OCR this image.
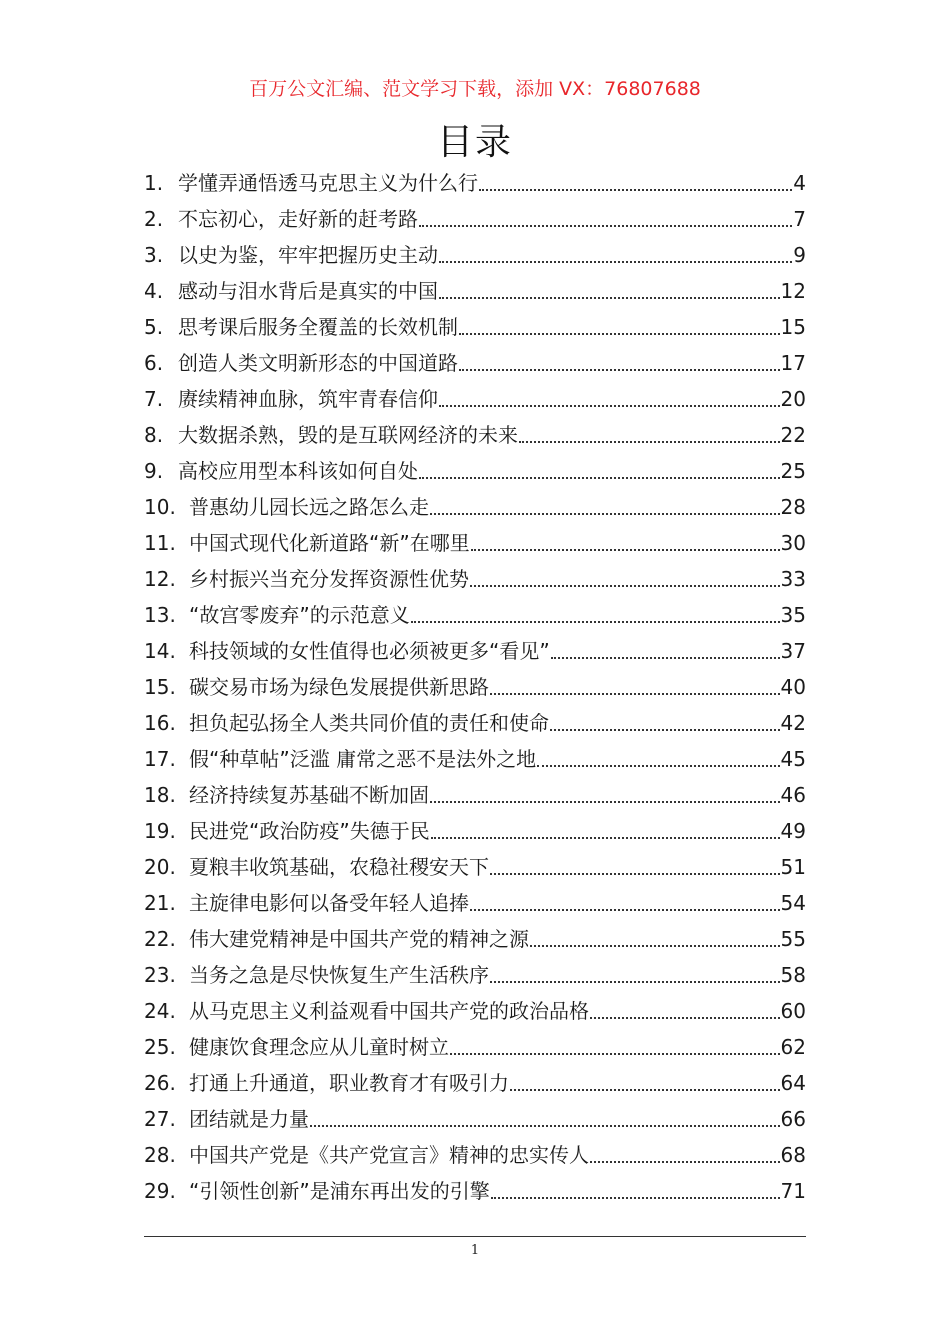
百万公文汇编、范文学习下载，添加 VX：76807688
目录
1. 学懂弄通悟透马克思主义为什么行	4
2. 不忘初心，走好新的赶考路	7
3. 以史为鉴，牢牢把握历史主动	9
4. 感动与泪水背后是真实的中国	12
5. 思考课后服务全覆盖的长效机制	15
6. 创造人类文明新形态的中国道路	17
7. 赓续精神血脉，筑牢青春信仰	20
8. 大数据杀熟，毁的是互联网经济的未来	22
9. 高校应用型本科该如何自处	25
10. 普惠幼儿园长远之路怎么走	28
11. 中国式现代化新道路“新”在哪里	30
12. 乡村振兴当充分发挥资源性优势	33
13. “故宫零废弃”的示范意义	35
14. 科技领域的女性值得也必须被更多“看见”	37
15. 碳交易市场为绿色发展提供新思路	40
16. 担负起弘扬全人类共同价值的责任和使命	42
17. 假“种草帖”泛滥 庸常之恶不是法外之地	45
18. 经济持续复苏基础不断加固	46
19. 民进党“政治防疫”失德于民	49
20. 夏粮丰收筑基础，农稳社稷安天下	51
21. 主旋律电影何以备受年轻人追捧	54
22. 伟大建党精神是中国共产党的精神之源	55
23. 当务之急是尽快恢复生产生活秩序	58
24. 从马克思主义利益观看中国共产党的政治品格	60
25. 健康饮食理念应从儿童时树立	62
26. 打通上升通道，职业教育才有吸引力	64
27. 团结就是力量	66
28. 中国共产党是《共产党宣言》精神的忠实传人	68
29. “引领性创新”是浦东再出发的引擎	71
1
